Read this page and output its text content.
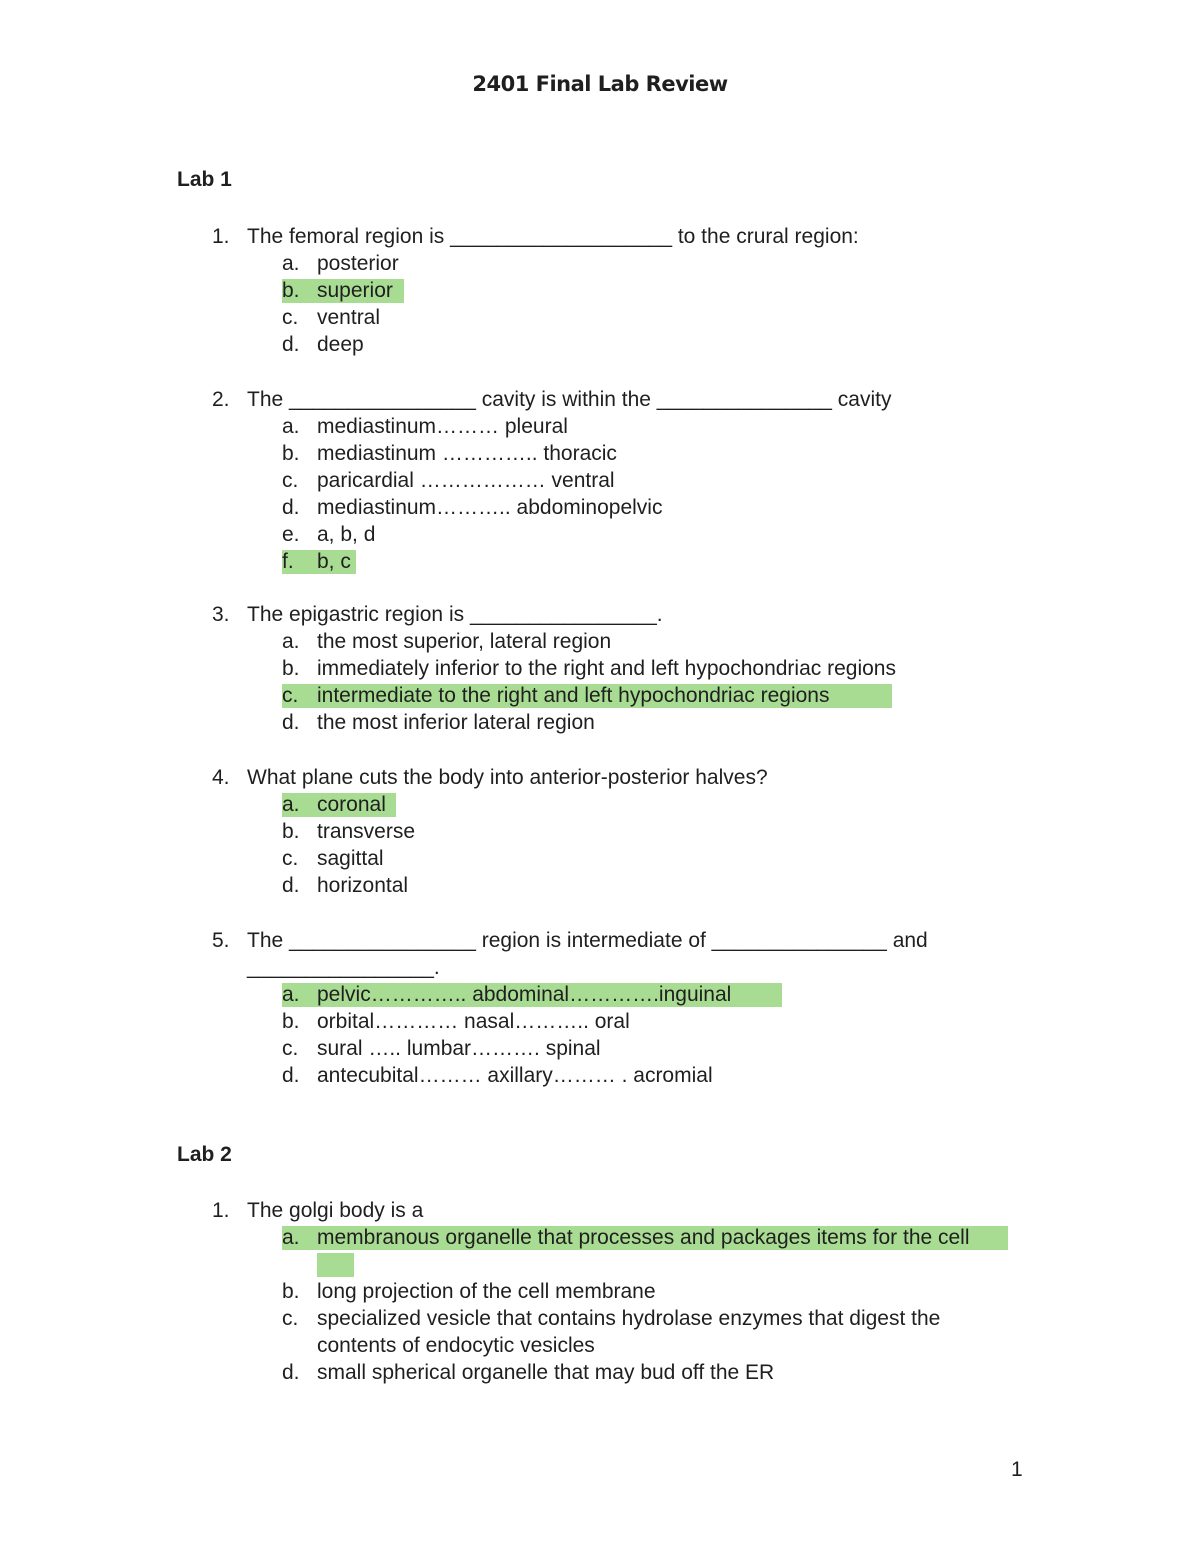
2401 Final Lab Review
Lab 1
1. The femoral region is ___________________ to the crural region:
a. posterior
b. superior
c. ventral
d. deep
2. The ________________ cavity is within the _______________ cavity
a. mediastinum……… pleural
b. mediastinum ………….. thoracic
c. paricardial ……………… ventral
d. mediastinum……….. abdominopelvic
e. a, b, d
f. b, c
3. The epigastric region is ________________.
a. the most superior, lateral region
b. immediately inferior to the right and left hypochondriac regions
c. intermediate to the right and left hypochondriac regions
d. the most inferior lateral region
4. What plane cuts the body into anterior-posterior halves?
a. coronal
b. transverse
c. sagittal
d. horizontal
5. The ________________ region is intermediate of _______________ and ________________.
a. pelvic………….. abdominal………….inguinal
b. orbital………… nasal……….. oral
c. sural ….. lumbar………. spinal
d. antecubital……… axillary……… . acromial
Lab 2
1. The golgi body is a
a. membranous organelle that processes and packages items for the cell
b. long projection of the cell membrane
c. specialized vesicle that contains hydrolase enzymes that digest the contents of endocytic vesicles
d. small spherical organelle that may bud off the ER
1
